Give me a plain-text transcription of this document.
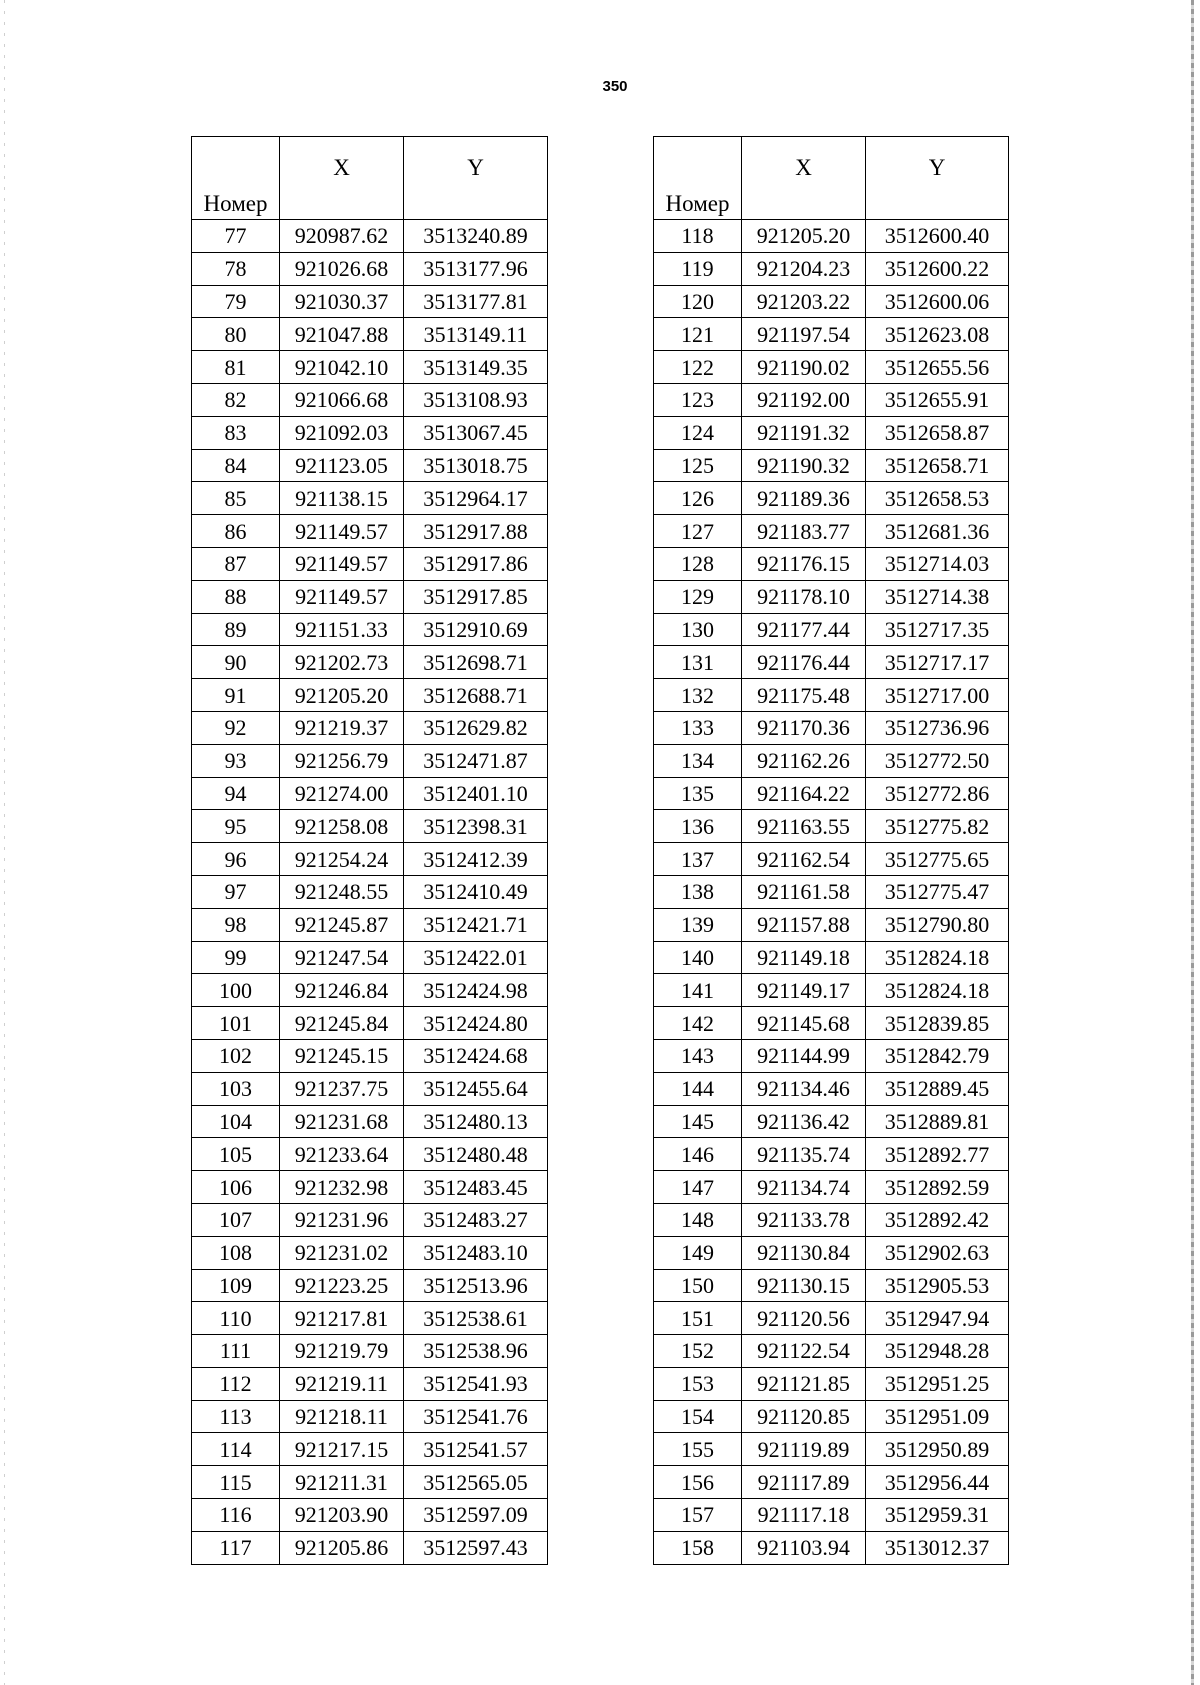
350
Номер	X	Y
77	920987.62	3513240.89
78	921026.68	3513177.96
79	921030.37	3513177.81
80	921047.88	3513149.11
81	921042.10	3513149.35
82	921066.68	3513108.93
83	921092.03	3513067.45
84	921123.05	3513018.75
85	921138.15	3512964.17
86	921149.57	3512917.88
87	921149.57	3512917.86
88	921149.57	3512917.85
89	921151.33	3512910.69
90	921202.73	3512698.71
91	921205.20	3512688.71
92	921219.37	3512629.82
93	921256.79	3512471.87
94	921274.00	3512401.10
95	921258.08	3512398.31
96	921254.24	3512412.39
97	921248.55	3512410.49
98	921245.87	3512421.71
99	921247.54	3512422.01
100	921246.84	3512424.98
101	921245.84	3512424.80
102	921245.15	3512424.68
103	921237.75	3512455.64
104	921231.68	3512480.13
105	921233.64	3512480.48
106	921232.98	3512483.45
107	921231.96	3512483.27
108	921231.02	3512483.10
109	921223.25	3512513.96
110	921217.81	3512538.61
111	921219.79	3512538.96
112	921219.11	3512541.93
113	921218.11	3512541.76
114	921217.15	3512541.57
115	921211.31	3512565.05
116	921203.90	3512597.09
117	921205.86	3512597.43
Номер	X	Y
118	921205.20	3512600.40
119	921204.23	3512600.22
120	921203.22	3512600.06
121	921197.54	3512623.08
122	921190.02	3512655.56
123	921192.00	3512655.91
124	921191.32	3512658.87
125	921190.32	3512658.71
126	921189.36	3512658.53
127	921183.77	3512681.36
128	921176.15	3512714.03
129	921178.10	3512714.38
130	921177.44	3512717.35
131	921176.44	3512717.17
132	921175.48	3512717.00
133	921170.36	3512736.96
134	921162.26	3512772.50
135	921164.22	3512772.86
136	921163.55	3512775.82
137	921162.54	3512775.65
138	921161.58	3512775.47
139	921157.88	3512790.80
140	921149.18	3512824.18
141	921149.17	3512824.18
142	921145.68	3512839.85
143	921144.99	3512842.79
144	921134.46	3512889.45
145	921136.42	3512889.81
146	921135.74	3512892.77
147	921134.74	3512892.59
148	921133.78	3512892.42
149	921130.84	3512902.63
150	921130.15	3512905.53
151	921120.56	3512947.94
152	921122.54	3512948.28
153	921121.85	3512951.25
154	921120.85	3512951.09
155	921119.89	3512950.89
156	921117.89	3512956.44
157	921117.18	3512959.31
158	921103.94	3513012.37
